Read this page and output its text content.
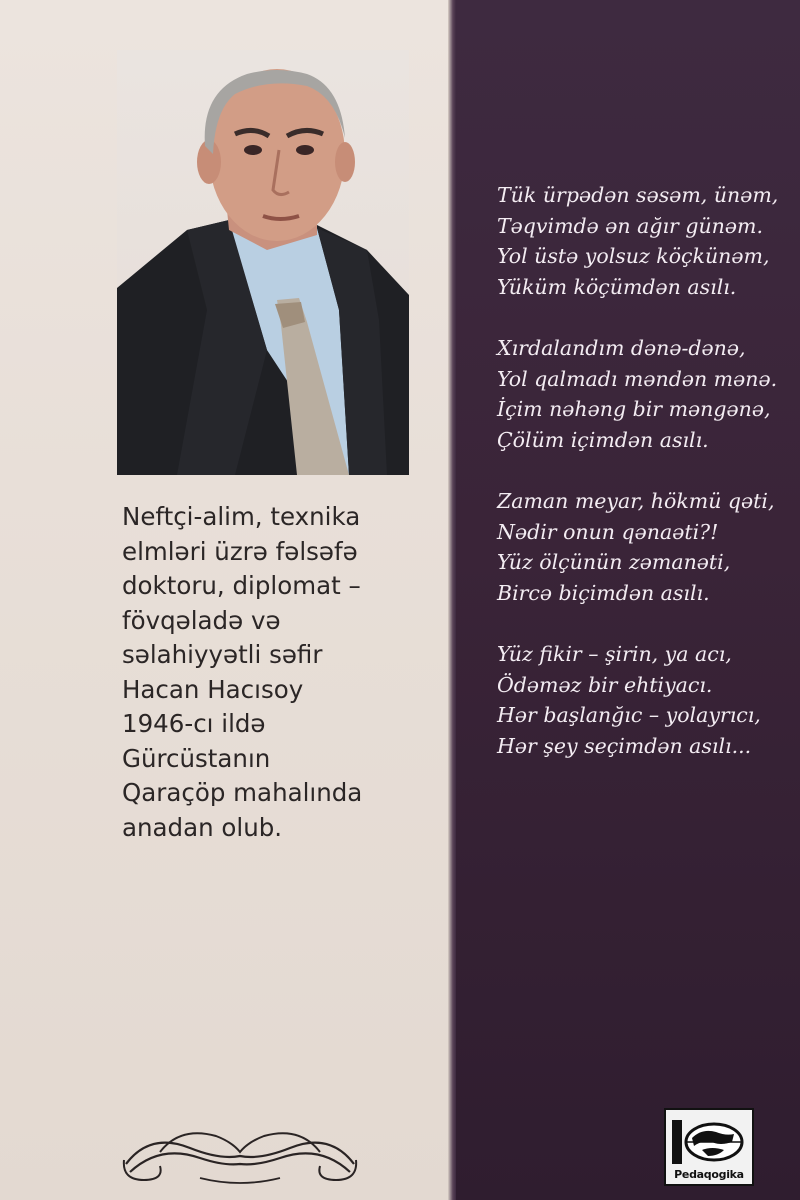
Neftçi-alim, texnika
elmləri üzrə fəlsəfə
doktoru, diplomat –
fövqəladə və
səlahiyyətli səfir
Hacan Hacısoy
1946-cı ildə
Gürcüstanın
Qaraçöp mahalında
anadan olub.
Tük ürpədən səsəm, ünəm,
Təqvimdə ən ağır günəm.
Yol üstə yolsuz köçkünəm,
Yüküm köçümdən asılı.
Xırdalandım dənə-dənə,
Yol qalmadı məndən mənə.
İçim nəhəng bir məngənə,
Çölüm içimdən asılı.
Zaman meyar, hökmü qəti,
Nədir onun qənaəti?!
Yüz ölçünün zəmanəti,
Bircə biçimdən asılı.
Yüz fikir – şirin, ya acı,
Ödəməz bir ehtiyacı.
Hər başlanğıc – yolayrıcı,
Hər şey seçimdən asılı...
Pedaqogika
